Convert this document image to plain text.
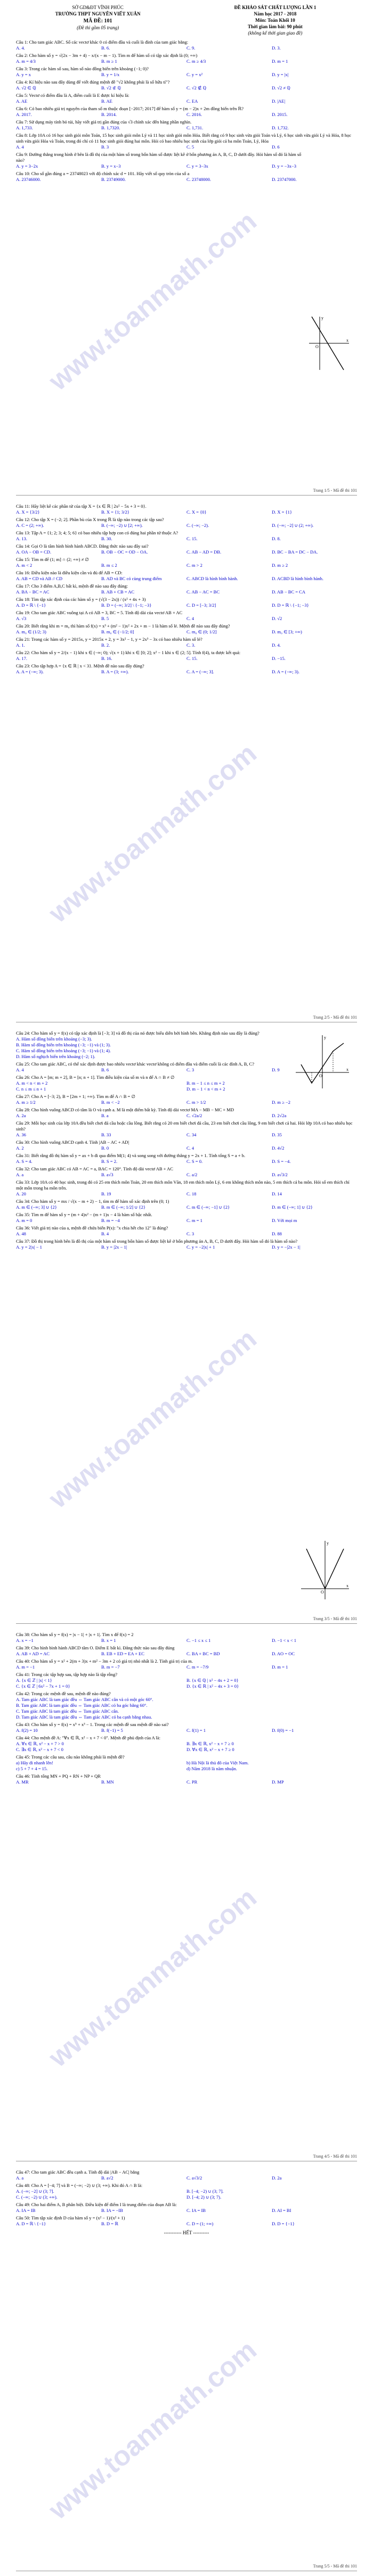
SỞ GD&ĐT VĨNH PHÚC
TRƯỜNG THPT NGUYỄN VIẾT XUÂN
MÃ ĐỀ: 101
(Đề thi gồm 05 trang)
ĐỀ KHẢO SÁT CHẤT LƯỢNG LẦN 1
Năm học 2017 - 2018
Môn: Toán Khối 10
Thời gian làm bài: 90 phút
(không kể thời gian giao đề)
Câu 1: Cho tam giác ABC. Số các vectơ khác 0 có điểm đầu và cuối là đỉnh của tam giác bằng:
A. 4.	B. 6.	C. 9.	D. 3.
Câu 2: Cho hàm số y = √(2x − 3m + 4) − x/(x − m − 1). Tìm m để hàm số có tập xác định là (0; +∞)
A. m = 4/3	B. m ≥ 1	C. m ≥ 4/3	D. m = 1
Câu 3: Trong các hàm số sau, hàm số nào đồng biến trên khoảng (−1; 0)?
A. y = x	B. y = 1/x	C. y = x²	D. y = |x|
Câu 4: Kí hiệu nào sau đây dùng để viết đúng mệnh đề "√2 không phải là số hữu tỉ"?
A. √2 ∈ ℚ	B. √2 ⊄ ℚ	C. √2 ∉ ℚ	D. √2 ≠ ℚ
Câu 5: Vectơ có điểm đầu là A, điểm cuối là E được kí hiệu là:
A. AE	B. AE	C. EA	D. |AE|
Câu 6: Có bao nhiêu giá trị nguyên của tham số m thuộc đoạn [−2017; 2017] để hàm số y = (m − 2)x + 2m đồng biến trên ℝ?
A. 2017.	B. 2014.	C. 2016.	D. 2015.
Câu 7: Sử dụng máy tính bỏ túi, hãy viết giá trị gần đúng của √3 chính xác đến hàng phần nghìn.
A. 1,733.	B. 1,7320.	C. 1,731.	D. 1,732.
Câu 8: Lớp 10A có 16 học sinh giỏi môn Toán, 15 học sinh giỏi môn Lý và 11 học sinh giỏi môn Hóa. Biết rằng có 9 học sinh vừa giỏi Toán và Lý, 6 học sinh vừa giỏi Lý và Hóa, 8 học sinh vừa giỏi Hóa và Toán, trong đó chỉ có 11 học sinh giỏi đúng hai môn. Hỏi có bao nhiêu học sinh của lớp giỏi cả ba môn Toán, Lý, Hóa
A. 4	B. 3	C. 5	D. 6
Câu 9: Đường thẳng trong hình ở bên là đồ thị của một hàm số trong bốn hàm số được liệt kê ở bốn phương án A, B, C, D dưới đây. Hỏi hàm số đó là hàm số nào?
A. y = 3−2x	B. y = x−3	C. y = 3−3x	D. y = −3x−3
Câu 10: Cho số gần đúng a = 23748023 với độ chính xác d = 101. Hãy viết số quy tròn của số a
A. 23746000.	B. 23749000.	C. 23748000.	D. 23747000.
x
y
O
Trang 1/5 - Mã đề thi 101
Câu 11: Hãy liệt kê các phần tử của tập X = {x ∈ ℝ | 2x² − 5x + 3 = 0}.
A. X = {3/2}	B. X = {1; 3/2}	C. X = {0}	D. X = {1}
Câu 12: Cho tập X = (−2; 2]. Phần bù của X trong ℝ là tập nào trong các tập sau?
A. C = (2; +∞).	B. (−∞; −2) ∪ [2; +∞).	C. (−∞; −2).	D. (−∞; −2] ∪ (2; +∞).
Câu 13: Tập A = {1; 2; 3; 4; 5; 6} có bao nhiêu tập hợp con có đúng hai phần tử thuộc A?
A. 13.	B. 30.	C. 15.	D. 8.
Câu 14: Gọi O là tâm hình bình hành ABCD. Đẳng thức nào sau đây sai?
A. OA − OB = CD.	B. OB − OC = OD − OA.	C. AB − AD = DB.	D. BC − BA = DC − DA.
Câu 15: Tìm m để (1; m] ∩ (2; +∞) ≠ ∅
A. m < 2	B. m ≤ 2	C. m > 2	D. m ≥ 2
Câu 16: Điều kiện nào là điều kiện cần và đủ để AB = CD:
A. AB = CD và AB // CD	B. AD và BC có cùng trung điểm	C. ABCD là hình bình hành.	D. ACBD là hình bình hành.
Câu 17: Cho 3 điểm A,B,C bất kì, mệnh đề nào sau đây đúng:
A. BA − BC = AC	B. AB + CB = AC	C. AB − AC = BC	D. AB − BC = CA
Câu 18: Tìm tập xác định của các hàm số y = (√(3 − 2x)) / (x² + 4x + 3)
A. D = ℝ \ {−1}	B. D = (−∞; 3/2] \ {−1; −3}	C. D = [−3; 3/2]	D. D = ℝ \ {−1; −3}
Câu 19: Cho tam giác ABC vuông tại A có AB = 3, BC = 5. Tính độ dài của vectơ AB + AC
A. √3	B. 5	C. 4	D. √2
Câu 20: Biết rằng khi m = m₀ thì hàm số f(x) = x³ + (m² − 1)x² + 2x + m − 1 là hàm số lẻ. Mệnh đề nào sau đây đúng?
A. m₀ ∈ (1/2; 3)	B. m₀ ∈ (−1/2; 0]	C. m₀ ∈ (0; 1/2]	D. m₀ ∈ [3; +∞)
Câu 21: Trong các hàm số y = 2015x, y = 2015x + 2, y = 3x² − 1, y = 2x³ − 3x có bao nhiêu hàm số lẻ?
A. 1.	B. 2.	C. 3.	D. 4.
Câu 22: Cho hàm số y = 2/(x − 1) khi x ∈ (−∞; 0); √(x + 1) khi x ∈ [0; 2]; x² − 1 khi x ∈ (2; 5]. Tính f(4), ta được kết quả:
A. 17.	B. 16.	C. 15.	D. −15.
Câu 23: Cho tập hợp A = {x ∈ ℝ | x < 3}. Mệnh đề nào sau đây đúng?
A. A = (−∞; 3).	B. A = (3; +∞).	C. A = (−∞; 3].	D. A = (−∞; 3).
Trang 2/5 - Mã đề thi 101
Câu 24: Cho hàm số y = f(x) có tập xác định là [−3; 3] và đồ thị của nó được biểu diễn bởi hình bên. Khẳng định nào sau đây là đúng?
A. Hàm số đồng biến trên khoảng (−3; 3).
B. Hàm số đồng biến trên khoảng (−3; −1) và (1; 3).
C. Hàm số đồng biến trên khoảng (−3; −1) và (1; 4).
D. Hàm số nghịch biến trên khoảng (−2; 1).
Câu 25: Cho tam giác ABC, có thể xác định được bao nhiêu vectơ khác vectơ không có điểm đầu và điểm cuối là các đỉnh A, B, C?
A. 4	B. 6	C. 3	D. 9
Câu 26: Cho A = [m; m + 2], B = [n; n + 1]. Tìm điều kiện của số m và n để A ∩ B ≠ ∅
A. m < n < m + 2	B. m − 1 ≤ n ≤ m + 2
C. n ≤ m ≤ n + 1	D. m − 1 < n < m + 2
Câu 27: Cho A = [−3; 2), B = [2m + 1; +∞). Tìm m để A ∩ B = ∅
A. m ≥ 1/2	B. m < −2	C. m > 1/2	D. m ≥ −2
Câu 28: Cho hình vuông ABCD có tâm là O và cạnh a. M là một điểm bất kỳ. Tính độ dài vectơ MA − MB − MC + MD
A. 2a	B. a	C. √2a/2	D. 2√2a
Câu 29: Mỗi học sinh của lớp 10A đều biết chơi đá cầu hoặc cầu lông. Biết rằng có 20 em biết chơi đá cầu, 23 em biết chơi cầu lông, 9 em biết chơi cả hai. Hỏi lớp 10A có bao nhiêu học sinh?
A. 36	B. 33	C. 34	D. 35
Câu 30: Cho hình vuông ABCD cạnh 4. Tính |AB − AC + AD|
A. 2	B. 0	C. 4	D. 4√2
Câu 31: Biết rằng đồ thị hàm số y = ax + b đi qua điểm M(1; 4) và song song với đường thẳng y = 2x + 1. Tính tổng S = a + b.
A. S = 4.	B. S = 2.	C. S = 0.	D. S = −4.
Câu 32: Cho tam giác ABC có AB = AC = a, BAC = 120°. Tính độ dài vectơ AB + AC
A. a	B. a√3	C. a/2	D. a√3/2
Câu 33: Lớp 10A có 40 học sinh, trong đó có 25 em thích môn Toán, 20 em thích môn Văn, 18 em thích môn Lý, 6 em không thích môn nào, 5 em thích cả ba môn. Hỏi số em thích chỉ một môn trong ba môn trên.
A. 20	B. 19	C. 18	D. 14
Câu 34: Cho hàm số y = mx / √(x − m + 2) − 1, tìm m để hàm số xác định trên (0; 1)
A. m ∈ (−∞; 3] ∪ {2}	B. m ∈ (−∞; 1/2] ∪ {2}	C. m ∈ (−∞; −1] ∪ {2}	D. m ∈ (−∞; 1] ∪ {2}
Câu 35: Tìm m để hàm số y = (m + 4)x² − (m + 1)x − 4 là hàm số bậc nhất.
A. m = 0	B. m = −4	C. m = 1	D. Với mọi m
Câu 36: Viết giá trị nào của a, mệnh đề chứa biến P(x): "x chia hết cho 12" là đúng?
A. 48	B. 4	C. 3	D. 88
Câu 37: Đồ thị trong hình bên là đồ thị của một hàm số trong bốn hàm số được liệt kê ở bốn phương án A, B, C, D dưới đây. Hỏi hàm số đó là hàm số nào?
A. y = 2|x| − 1	B. y = |2x − 1|	C. y = −2|x| + 1	D. y = −|2x − 1|
x
y
O
x
y
O
Trang 3/5 - Mã đề thi 101
Câu 38: Cho hàm số y = f(x) = |x − 1| + |x + 1|. Tìm x để f(x) = 2
A. x = −1	B. x = 1	C. −1 ≤ x ≤ 1	D. −1 < x < 1
Câu 39: Cho hình bình hành ABCD tâm O. Điểm E bất kì. Đẳng thức nào sau đây đúng
A. AB + AD = AC	B. EB + ED = EA + EC	C. BA + BC = BD	D. AO = OC
Câu 40: Cho hàm số y = x² + 2(m + 3)x + m² − 3m + 2 có giá trị nhỏ nhất là 2. Tính giá trị của m.
A. m = −1	B. m = −7	C. m = −7/9	D. m = 1
Câu 41: Trong các tập hợp sau, tập hợp nào là tập rỗng?
A. {x ∈ ℤ | |x| < 1}	B. {x ∈ ℚ | x² − 4x + 2 = 0}
C. {x ∈ ℤ | 6x² − 7x + 1 = 0}	D. {x ∈ ℝ | x² − 4x + 3 = 0}
Câu 42: Trong các mệnh đề sau, mệnh đề nào đúng?
A. Tam giác ABC là tam giác đều ⇔ Tam giác ABC cân và có một góc 60°.
B. Tam giác ABC là tam giác đều ⇔ Tam giác ABC có ba góc bằng 60°.
C. Tam giác ABC là tam giác đều ⇔ Tam giác ABC cân.
D. Tam giác ABC là tam giác đều ⇔ Tam giác ABC có ba cạnh bằng nhau.
Câu 43: Cho hàm số y = f(x) = x⁵ + x³ − 1. Trong các mệnh đề sau mệnh đề nào sai?
A. f(2) = 10	B. f(−1) = 5	C. f(1) = 1	D. f(0) = −1
Câu 44: Cho mệnh đề A: "∀x ∈ ℝ, x² − x + 7 < 0". Mệnh đề phủ định của A là:
A. ∀x ∈ ℝ, x² − x + 7 > 0	B. ∃x ∈ ℝ, x² − x + 7 ≥ 0
C. ∃x ∈ ℝ, x² − x + 7 < 0	D. ∀x ∈ ℝ, x² − x + 7 ≥ 0
Câu 45: Trong các câu sau, câu nào không phải là mệnh đề?
a) Hãy đi nhanh lên!	b) Hà Nội là thủ đô của Việt Nam.
c) 5 + 7 + 4 = 15.	d) Năm 2018 là năm nhuận.
Câu 46: Tính tổng MN + PQ + RN + NP + QR
A. MR	B. MN	C. PR	D. MP
Trang 4/5 - Mã đề thi 101
Câu 47: Cho tam giác ABC đều cạnh a. Tính độ dài |AB − AC| bằng
A. a	B. a√2	C. a√3/2	D. 2a
Câu 48: Cho A = [−4; 7] và B = (−∞; −2) ∪ (3; +∞). Khi đó A ∩ B là:
A. (−∞; −2] ∪ (3; 7].	B. [−4; −2) ∪ (3; 7].
C. (−∞; −2) ∪ (3; +∞).	D. [−4; 2) ∪ (3; 7).
Câu 49: Cho hai điểm A, B phân biệt. Điều kiện để điểm I là trung điểm của đoạn AB là:
A. IA = IB	B. IA = −IB	C. IA = IB	D. AI = BI
Câu 50: Tìm tập xác định D của hàm số y = (x² − 1)/(x² + 1)
A. D = ℝ \ {−1}	B. D = ℝ	C. D = (1; +∞)	D. D = {−1}
----------- HẾT ----------
Trang 5/5 - Mã đề thi 101
